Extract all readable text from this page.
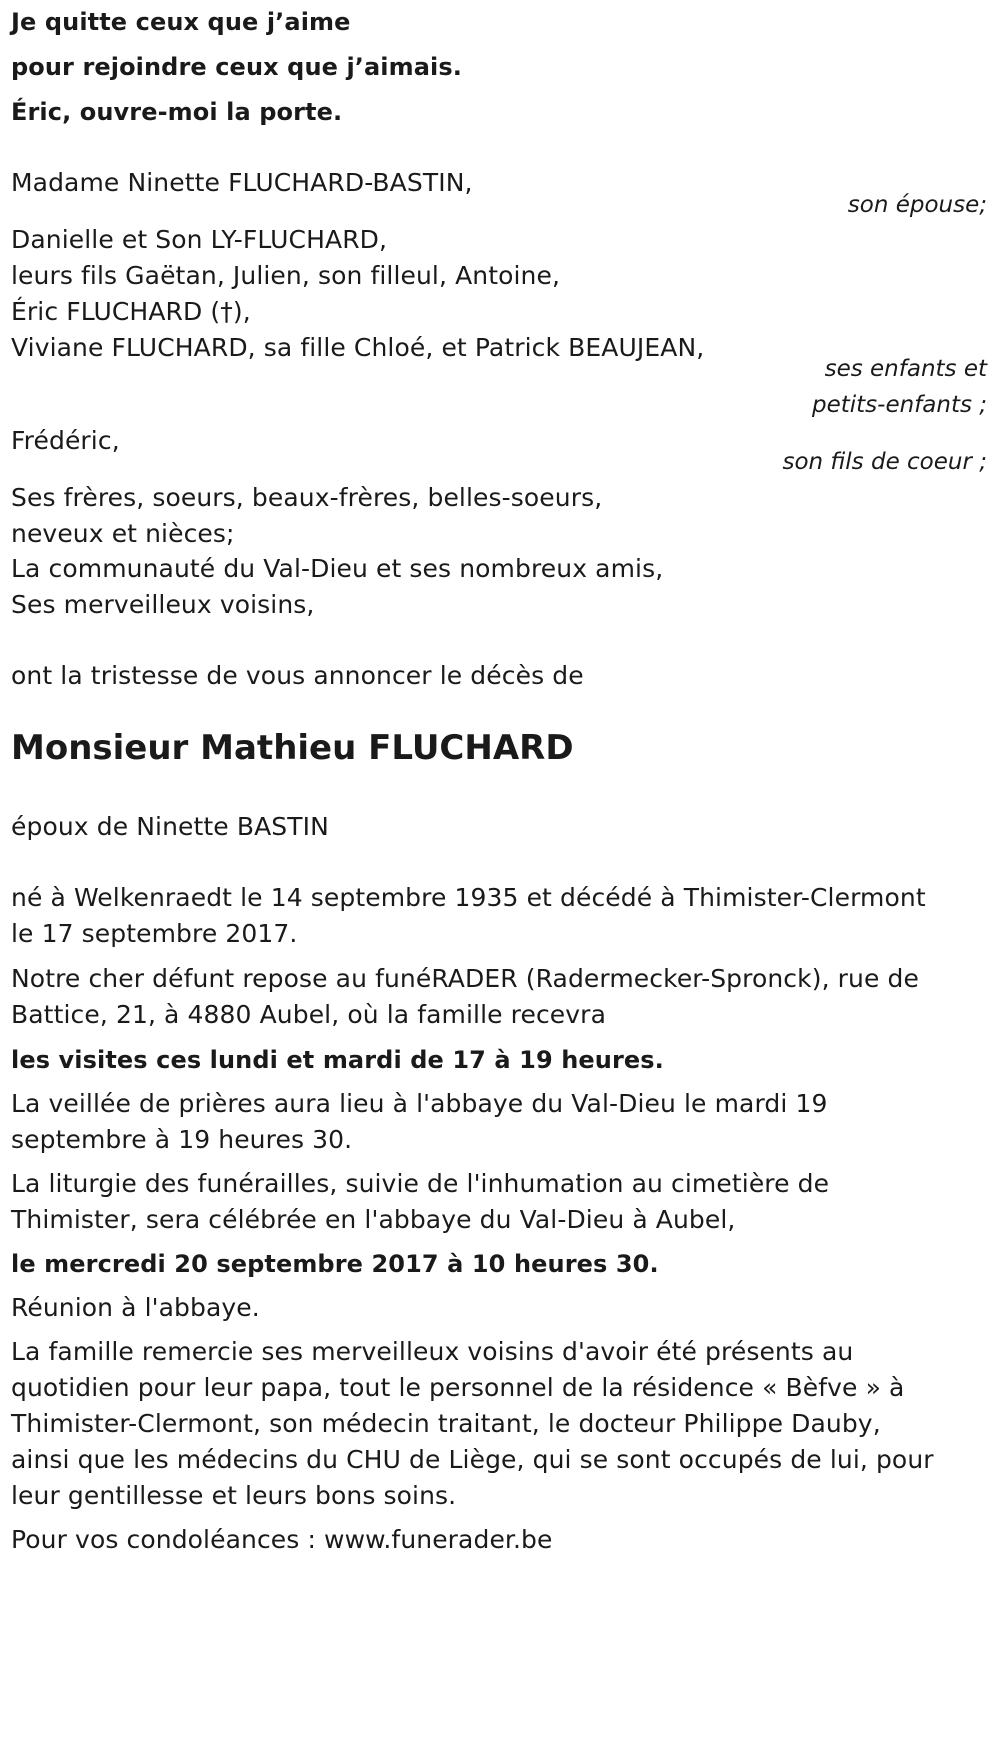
Je quitte ceux que j’aime
pour rejoindre ceux que j’aimais.
Éric, ouvre-moi la porte.
Madame Ninette FLUCHARD-BASTIN,
son épouse;
Danielle et Son LY-FLUCHARD,
leurs fils Gaëtan, Julien, son filleul, Antoine,
Éric FLUCHARD (†),
Viviane FLUCHARD, sa fille Chloé, et Patrick BEAUJEAN,
ses enfants et
petits-enfants ;
Frédéric,
son fils de coeur ;
Ses frères, soeurs, beaux-frères, belles-soeurs,
neveux et nièces;
La communauté du Val-Dieu et ses nombreux amis,
Ses merveilleux voisins,
ont la tristesse de vous annoncer le décès de
Monsieur Mathieu FLUCHARD
époux de Ninette BASTIN
né à Welkenraedt le 14 septembre 1935 et décédé à Thimister-Clermont
le 17 septembre 2017.
Notre cher défunt repose au funéRADER (Radermecker-Spronck), rue de
Battice, 21, à 4880 Aubel, où la famille recevra
les visites ces lundi et mardi de 17 à 19 heures.
La veillée de prières aura lieu à l'abbaye du Val-Dieu le mardi 19
septembre à 19 heures 30.
La liturgie des funérailles, suivie de l'inhumation au cimetière de
Thimister, sera célébrée en l'abbaye du Val-Dieu à Aubel,
le mercredi 20 septembre 2017 à 10 heures 30.
Réunion à l'abbaye.
La famille remercie ses merveilleux voisins d'avoir été présents au
quotidien pour leur papa, tout le personnel de la résidence « Bèfve » à
Thimister-Clermont, son médecin traitant, le docteur Philippe Dauby,
ainsi que les médecins du CHU de Liège, qui se sont occupés de lui, pour
leur gentillesse et leurs bons soins.
Pour vos condoléances : www.funerader.be
